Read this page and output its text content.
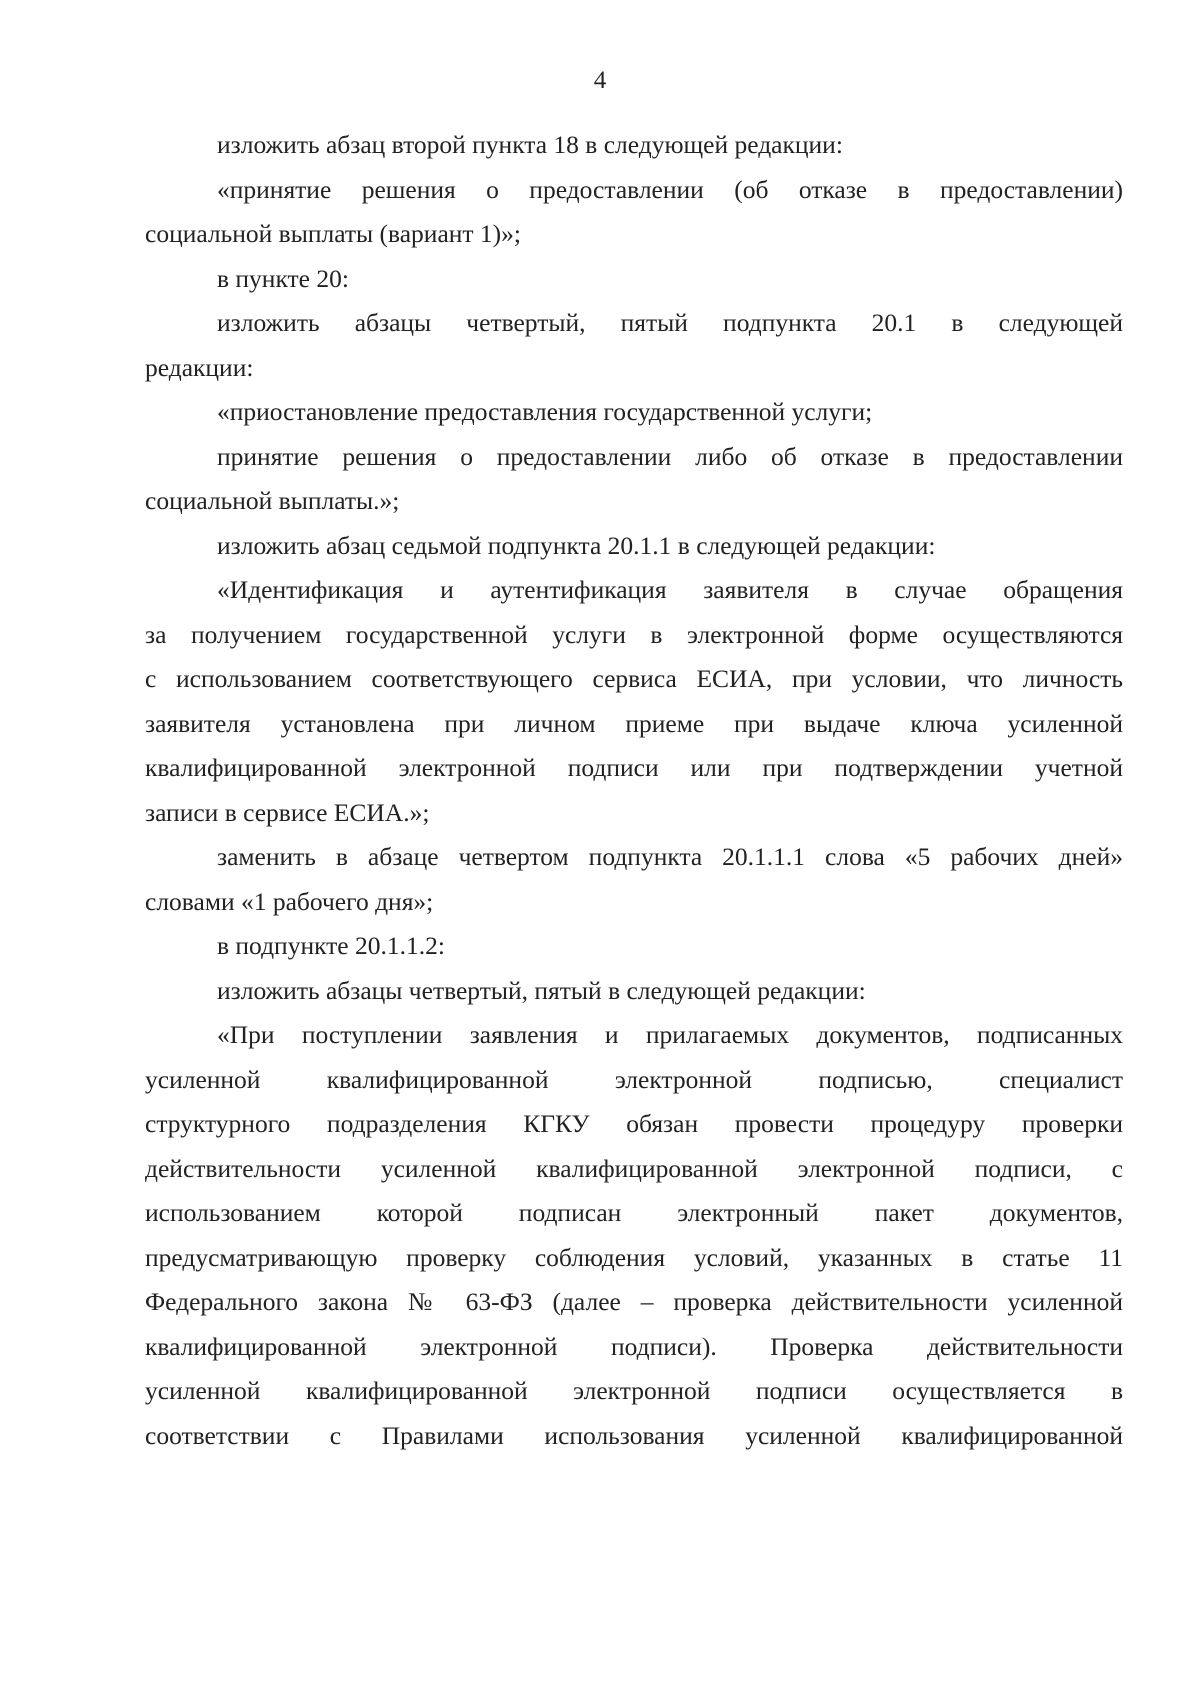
4
изложить абзац второй пункта 18 в следующей редакции:
«принятие решения о предоставлении (об отказе в предоставлении)
социальной выплаты (вариант 1)»;
в пункте 20:
изложить абзацы четвертый, пятый подпункта 20.1 в следующей
редакции:
«приостановление предоставления государственной услуги;
принятие решения о предоставлении либо об отказе в предоставлении
социальной выплаты.»;
изложить абзац седьмой подпункта 20.1.1 в следующей редакции:
«Идентификация и аутентификация заявителя в случае обращения
за получением государственной услуги в электронной форме осуществляются
с использованием соответствующего сервиса ЕСИА, при условии, что личность
заявителя установлена при личном приеме при выдаче ключа усиленной
квалифицированной электронной подписи или при подтверждении учетной
записи в сервисе ЕСИА.»;
заменить в абзаце четвертом подпункта 20.1.1.1 слова «5 рабочих дней»
словами «1 рабочего дня»;
в подпункте 20.1.1.2:
изложить абзацы четвертый, пятый в следующей редакции:
«При поступлении заявления и прилагаемых документов, подписанных
усиленной квалифицированной электронной подписью, специалист
структурного подразделения КГКУ обязан провести процедуру проверки
действительности усиленной квалифицированной электронной подписи, с
использованием которой подписан электронный пакет документов,
предусматривающую проверку соблюдения условий, указанных в статье 11
Федерального закона № 63-ФЗ (далее – проверка действительности усиленной
квалифицированной электронной подписи). Проверка действительности
усиленной квалифицированной электронной подписи осуществляется в
соответствии с Правилами использования усиленной квалифицированной
